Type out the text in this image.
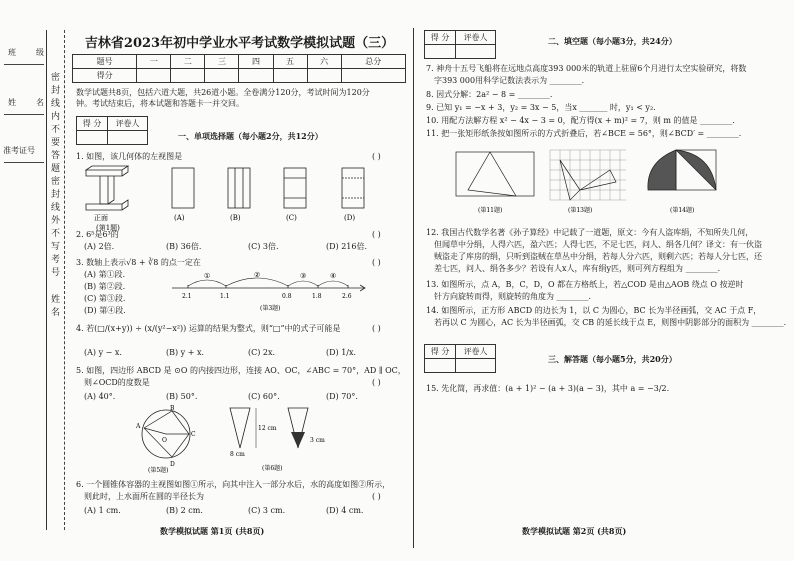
班	级
姓	名
准考证号
密
封
线
内
不
要
答
题
密
封
线
外
不
写
考
号
姓
名
吉林省2023年初中学业水平考试数学模拟试题（三）
题号	一	二	三	四	五	六	总分
得分							
数学试题共8页，包括六道大题，共26道小题。全卷满分120分，考试时间为120分
钟。考试结束后，将本试题和答题卡一并交回。
得 分	评卷人

一、单项选择题（每小题2分，共12分）
1. 如图，该几何体的左视图是	( )
正面
(第1题)
(A)	(B)	(C)	(D)
2. 6⁵是6³的	( )
(A) 2倍.	(B) 36倍.	(C) 3倍.	(D) 216倍.
3. 数轴上表示√8 + ∛8 的点一定在	( )
(A) 第①段.
(B) 第②段.
(C) 第③段.
(D) 第④段.
①	②	③	④
2.1	1.1	0.8	1.8	2.6
(第3题)
4. 若(□/(x+y)) ÷ (x/(y²−x²)) 运算的结果为整式，则“□”中的式子可能是	( )
(A) y − x.	(B) y + x.	(C) 2x.	(D) 1/x.
5. 如图，四边形 ABCD 是 ⊙O 的内接四边形，连接 AO、OC，∠ABC = 70°，AD ∥ OC，
则∠OCD的度数是	( )
(A) 40°.	(B) 50°.	(C) 60°.	(D) 70°.
A
B
C
D
O
(第5题)
12 cm
8 cm
3 cm
(第6题)
6. 一个圆锥体容器的主视图如图①所示，向其中注入一部分水后，水的高度如图②所示，
则此时，上水面所在圆的半径长为	( )
(A) 1 cm.	(B) 2 cm.	(C) 3 cm.	(D) 4 cm.
数学模拟试题 第1页 (共8页)
得 分	评卷人
		二、填空题（每小题3分，共24分）
7. 神舟十五号飞船将在远地点高度393 000米的轨道上驻留6个月进行太空实验研究，将数
字393 000用科学记数法表示为 ________.
8. 因式分解：2a² − 8 = ________.
9. 已知 y₁ = −x + 3，y₂ = 3x − 5，当x _______ 时，y₁ < y₂.
10. 用配方法解方程 x² − 4x − 3 = 0，配方得(x + m)² = 7，则 m 的值是 ________.
11. 把一张矩形纸条按如图所示的方式折叠后，若∠BCE = 56°，则∠BCD′ = ________.
(第11题)	(第13题)	(第14题)
12. 我国古代数学名著《孙子算经》中记载了一道题，原文：今有人盗库绢，不知所失几何，
但闻草中分绢，人得六匹，盈六匹；人得七匹，不足七匹，问人、绢各几何？译文：有一伙盗
贼盗走了库房的绢，只听到盗贼在草丛中分绢，若每人分六匹，则剩六匹；若每人分七匹，还
差七匹，问人、绢各多少？若设有人x人，库有绢y匹，则可列方程组为 ________.
13. 如图所示，点 A，B，C，D，O 都在方格纸上，若△COD 是由△AOB 绕点 O 按逆时
针方向旋转而得，则旋转的角度为 ________.
14. 如图所示，正方形 ABCD 的边长为 1，以 C 为圆心，BC 长为半径画弧，交 AC 于点 F，
若再以 C 为圆心，AC 长为半径画弧，交 CB 的延长线于点 E，则图中阴影部分的面积为 ________.
得 分	评卷人

三、解答题（每小题5分，共20分）
15. 先化简，再求值：(a + 1)² − (a + 3)(a − 3)，其中 a = −3/2.
数学模拟试题 第2页 (共8页)
